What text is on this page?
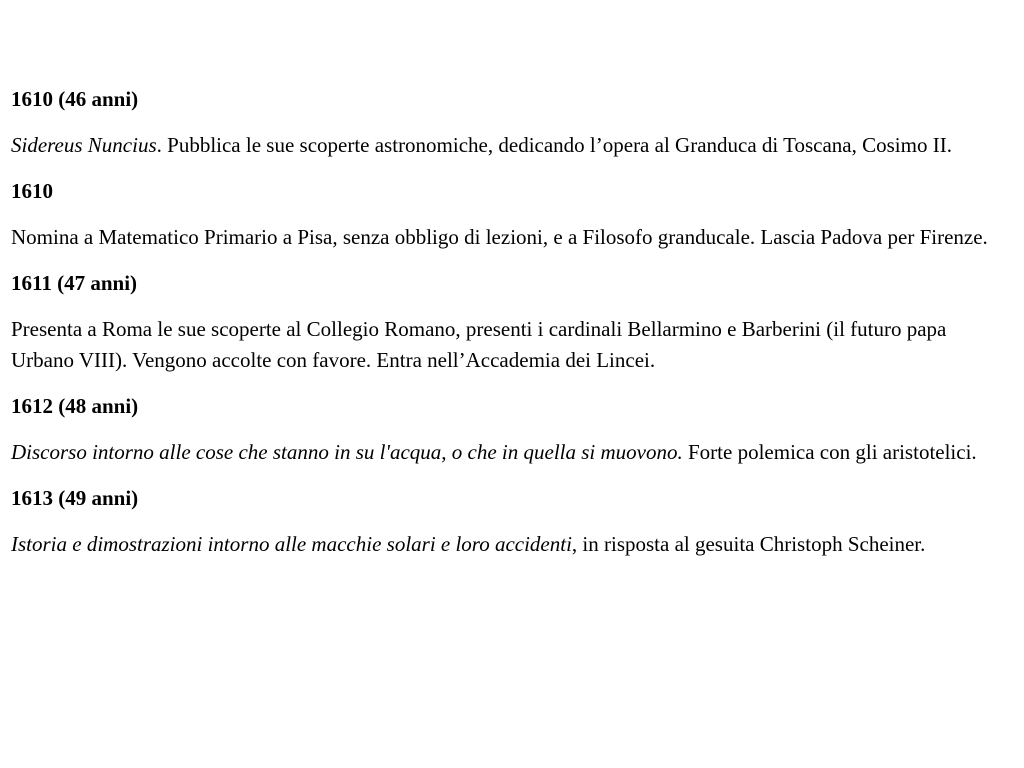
1610 (46 anni)

Sidereus Nuncius. Pubblica le sue scoperte astronomiche, dedicando l’opera al Granduca di Toscana, Cosimo II.

1610

Nomina a Matematico Primario a Pisa, senza obbligo di lezioni, e a Filosofo granducale. Lascia Padova per Firenze.

1611 (47 anni)

Presenta a Roma le sue scoperte al Collegio Romano, presenti i cardinali Bellarmino e Barberini (il futuro papa Urbano VIII). Vengono accolte con favore. Entra nell’Accademia dei Lincei.

1612 (48 anni)

Discorso intorno alle cose che stanno in su l'acqua, o che in quella si muovono. Forte polemica con gli aristotelici.

1613 (49 anni)

Istoria e dimostrazioni intorno alle macchie solari e loro accidenti, in risposta al gesuita Christoph Scheiner.
